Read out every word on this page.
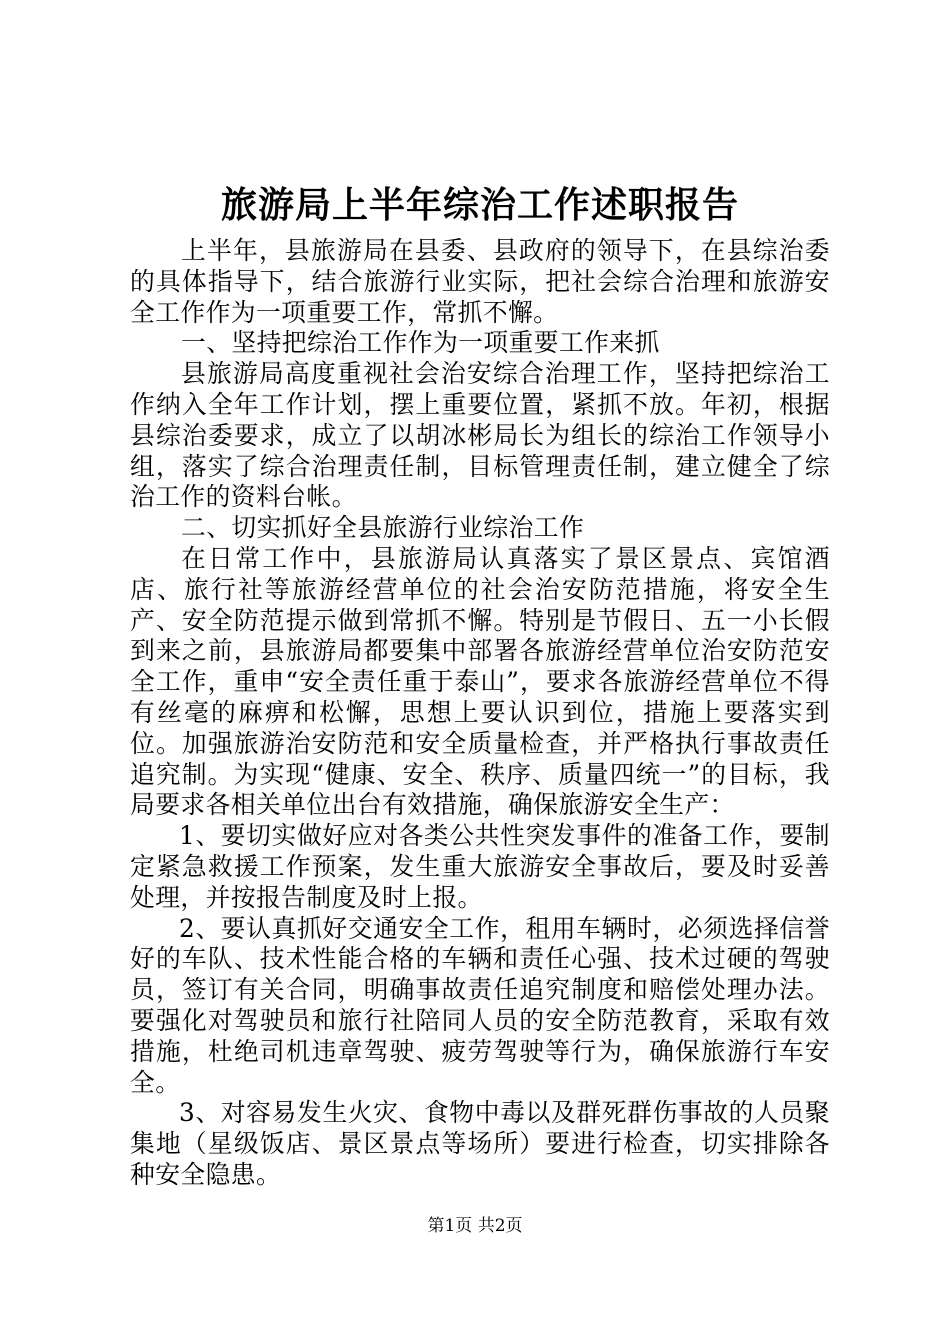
旅游局上半年综治工作述职报告

上半年，县旅游局在县委、县政府的领导下，在县综治委的具体指导下，结合旅游行业实际，把社会综合治理和旅游安全工作作为一项重要工作，常抓不懈。

一、坚持把综治工作作为一项重要工作来抓

县旅游局高度重视社会治安综合治理工作，坚持把综治工作纳入全年工作计划，摆上重要位置，紧抓不放。年初，根据县综治委要求，成立了以胡冰彬局长为组长的综治工作领导小组，落实了综合治理责任制，目标管理责任制，建立健全了综治工作的资料台帐。

二、切实抓好全县旅游行业综治工作

在日常工作中，县旅游局认真落实了景区景点、宾馆酒店、旅行社等旅游经营单位的社会治安防范措施，将安全生产、安全防范提示做到常抓不懈。特别是节假日、五一小长假到来之前，县旅游局都要集中部署各旅游经营单位治安防范安全工作，重申“安全责任重于泰山”，要求各旅游经营单位不得有丝毫的麻痹和松懈，思想上要认识到位，措施上要落实到位。加强旅游治安防范和安全质量检查，并严格执行事故责任追究制。为实现“健康、安全、秩序、质量四统一”的目标，我局要求各相关单位出台有效措施，确保旅游安全生产：

1、要切实做好应对各类公共性突发事件的准备工作，要制定紧急救援工作预案，发生重大旅游安全事故后，要及时妥善处理，并按报告制度及时上报。

2、要认真抓好交通安全工作，租用车辆时，必须选择信誉好的车队、技术性能合格的车辆和责任心强、技术过硬的驾驶员，签订有关合同，明确事故责任追究制度和赔偿处理办法。要强化对驾驶员和旅行社陪同人员的安全防范教育，采取有效措施，杜绝司机违章驾驶、疲劳驾驶等行为，确保旅游行车安全。

3、对容易发生火灾、食物中毒以及群死群伤事故的人员聚集地（星级饭店、景区景点等场所）要进行检查，切实排除各种安全隐患。

第1页 共2页
